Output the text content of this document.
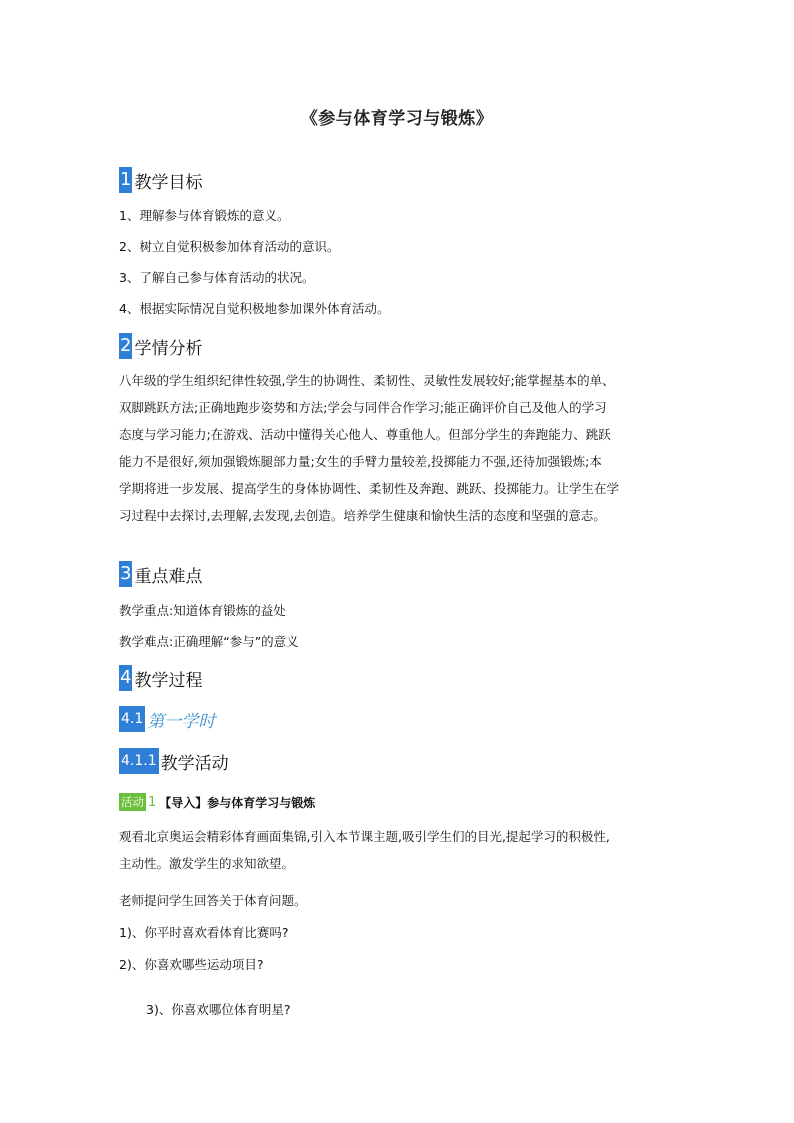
《参与体育学习与锻炼》
1 教学目标
1、理解参与体育锻炼的意义。
2、树立自觉积极参加体育活动的意识。
3、了解自己参与体育活动的状况。
4、根据实际情况自觉积极地参加课外体育活动。
2 学情分析
八年级的学生组织纪律性较强,学生的协调性、柔韧性、灵敏性发展较好;能掌握基本的单、
双脚跳跃方法;正确地跑步姿势和方法;学会与同伴合作学习;能正确评价自己及他人的学习
态度与学习能力;在游戏、活动中懂得关心他人、尊重他人。但部分学生的奔跑能力、跳跃
能力不是很好,须加强锻炼腿部力量;女生的手臂力量较差,投掷能力不强,还待加强锻炼;本
学期将进一步发展、提高学生的身体协调性、柔韧性及奔跑、跳跃、投掷能力。让学生在学
习过程中去探讨,去理解,去发现,去创造。培养学生健康和愉快生活的态度和坚强的意志。
3 重点难点
教学重点:知道体育锻炼的益处
教学难点:正确理解“参与”的意义
4 教学过程
4.1 第一学时
4.1.1 教学活动
活动 1 【导入】参与体育学习与锻炼
观看北京奥运会精彩体育画面集锦,引入本节课主题,吸引学生们的目光,提起学习的积极性,
主动性。激发学生的求知欲望。
老师提问学生回答关于体育问题。
1)、你平时喜欢看体育比赛吗?
2)、你喜欢哪些运动项目?
3)、你喜欢哪位体育明星?
